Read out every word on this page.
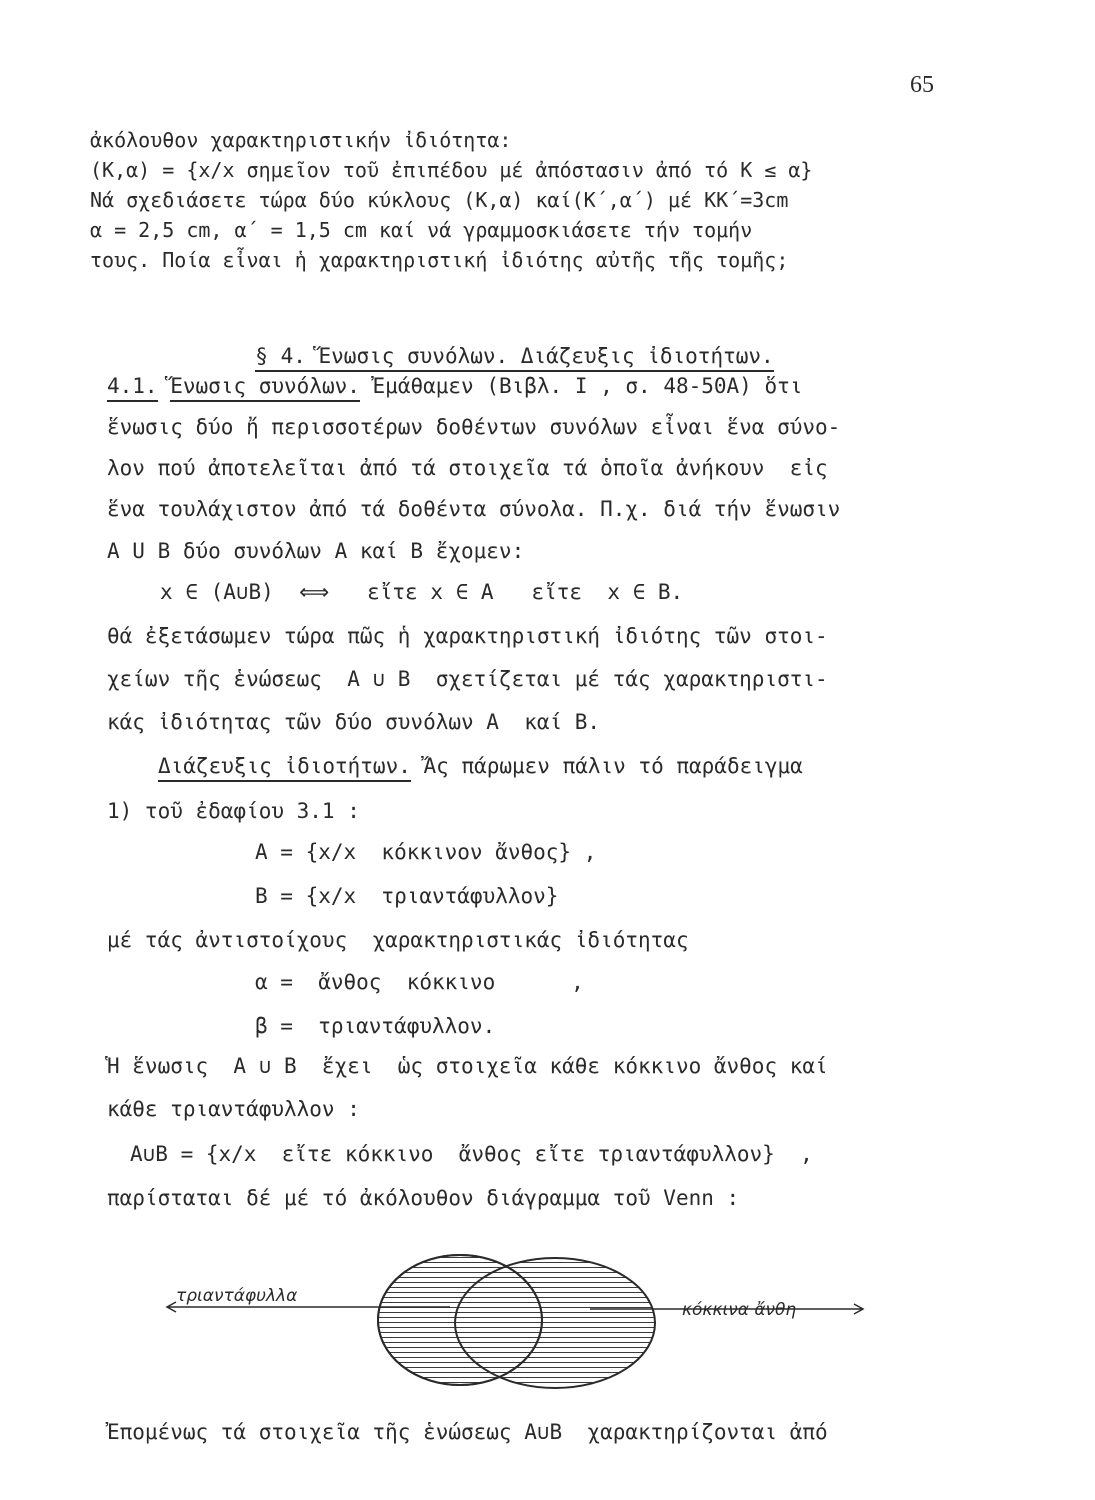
65
ἀκόλουθον χαρακτηριστικήν ἰδιότητα:
(Κ,α) = {x/x σημεῖον τοῦ ἐπιπέδου μέ ἀπόστασιν ἀπό τό Κ ≤ α}
Νά σχεδιάσετε τώρα δύο κύκλους (Κ,α) καί(Κ΄,α΄) μέ ΚΚ΄=3cm
α = 2,5 cm, α΄ = 1,5 cm καί νά γραμμοσκιάσετε τήν τομήν
τους. Ποία εἶναι ἡ χαρακτηριστική ἰδιότης αὐτῆς τῆς τομῆς;

§ 4. Ἕνωσις συνόλων. Διάζευξις ἰδιοτήτων.

4.1. Ἕνωσις συνόλων. Ἐμάθαμεν (Βιβλ. Ι , σ. 48-50Α) ὅτι
ἕνωσις δύο ἤ περισσοτέρων δοθέντων συνόλων εἶναι ἕνα σύνο-
λον πού ἀποτελεῖται ἀπό τά στοιχεῖα τά ὁποῖα ἀνήκουν  εἰς
ἕνα τουλάχιστον ἀπό τά δοθέντα σύνολα. Π.χ. διά τήν ἕνωσιν
A U B δύο συνόλων A καί B ἔχομεν:
x ∈ (A∪B)  ⟺   εἴτε x ∈ A   εἴτε  x ∈ B.
θά ἐξετάσωμεν τώρα πῶς ἡ χαρακτηριστική ἰδιότης τῶν στοι-
χείων τῆς ἑνώσεως  A ∪ B  σχετίζεται μέ τάς χαρακτηριστι-
κάς ἰδιότητας τῶν δύο συνόλων A  καί B.
Διάζευξις ἰδιοτήτων. Ἄς πάρωμεν πάλιν τό παράδειγμα
1) τοῦ ἐδαφίου 3.1 :
A = {x/x  κόκκινον ἄνθος} ,
B = {x/x  τριαντάφυλλον}
μέ τάς ἀντιστοίχους  χαρακτηριστικάς ἰδιότητας
α =  ἄνθος  κόκκινο      ,
β =  τριαντάφυλλον.
Ἡ ἕνωσις  A ∪ B  ἔχει  ὡς στοιχεῖα κάθε κόκκινο ἄνθος καί
κάθε τριαντάφυλλον :
A∪B = {x/x  εἴτε κόκκινο  ἄνθος εἴτε τριαντάφυλλον}  ,
παρίσταται δέ μέ τό ἀκόλουθον διάγραμμα τοῦ Venn :
τριαντάφυλλα
κόκκινα ἄνθη
Ἐπομένως τά στοιχεῖα τῆς ἑνώσεως A∪B  χαρακτηρίζονται ἀπό
